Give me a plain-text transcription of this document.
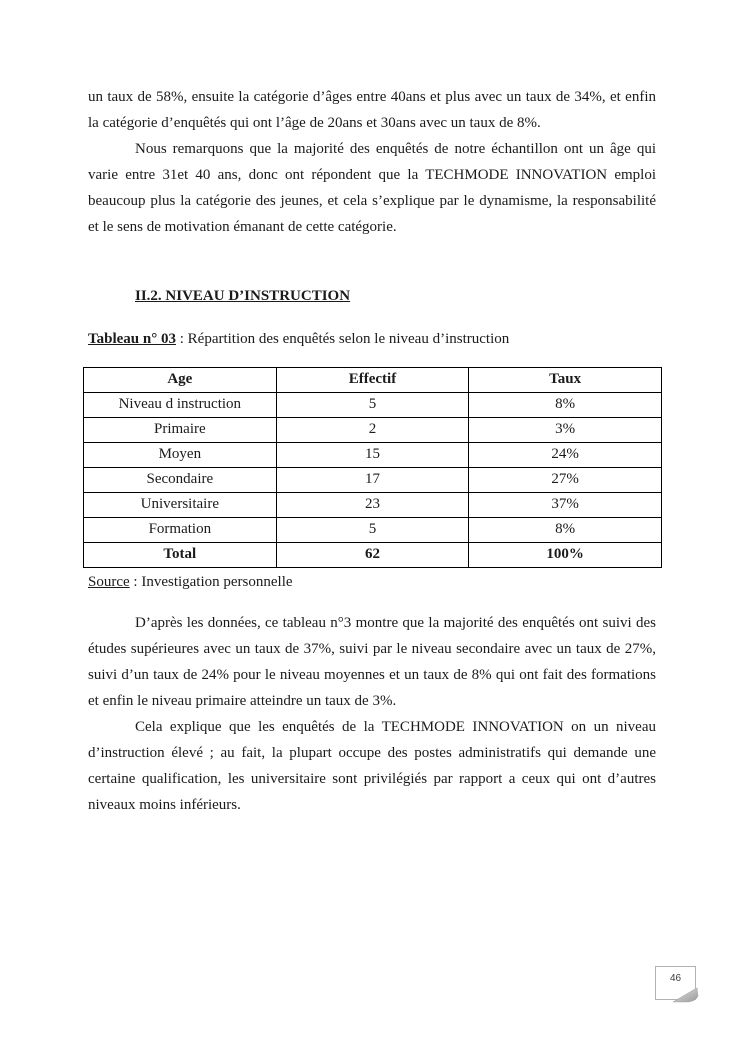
un taux de 58%, ensuite la catégorie d’âges entre 40ans et plus avec un taux de 34%, et enfin la catégorie d’enquêtés qui ont l’âge de 20ans et 30ans avec un taux de 8%.

Nous remarquons que la majorité des enquêtés de notre échantillon ont un âge qui varie entre 31et 40 ans, donc ont répondent que la TECHMODE INNOVATION emploi beaucoup plus la catégorie des jeunes, et cela s’explique par le dynamisme, la responsabilité et le sens de motivation émanant de cette catégorie.

II.2. NIVEAU D’INSTRUCTION

Tableau n° 03 : Répartition des enquêtés selon le niveau d’instruction

Age	Effectif	Taux
Niveau d instruction	5	8%
Primaire	2	3%
Moyen	15	24%
Secondaire	17	27%
Universitaire	23	37%
Formation	5	8%
Total	62	100%

Source : Investigation personnelle

D’après les données, ce tableau n°3 montre que la majorité des enquêtés ont suivi des études supérieures avec un taux de 37%, suivi par le niveau secondaire avec un taux de 27%, suivi d’un taux de 24% pour le niveau moyennes et un taux de 8% qui ont fait des formations et enfin le niveau primaire atteindre un taux de 3%.

Cela explique que les enquêtés de la TECHMODE INNOVATION on un niveau d’instruction élevé ; au fait, la plupart occupe des postes administratifs qui demande une certaine qualification, les universitaire sont privilégiés par rapport a ceux qui ont d’autres niveaux moins inférieurs.

46
